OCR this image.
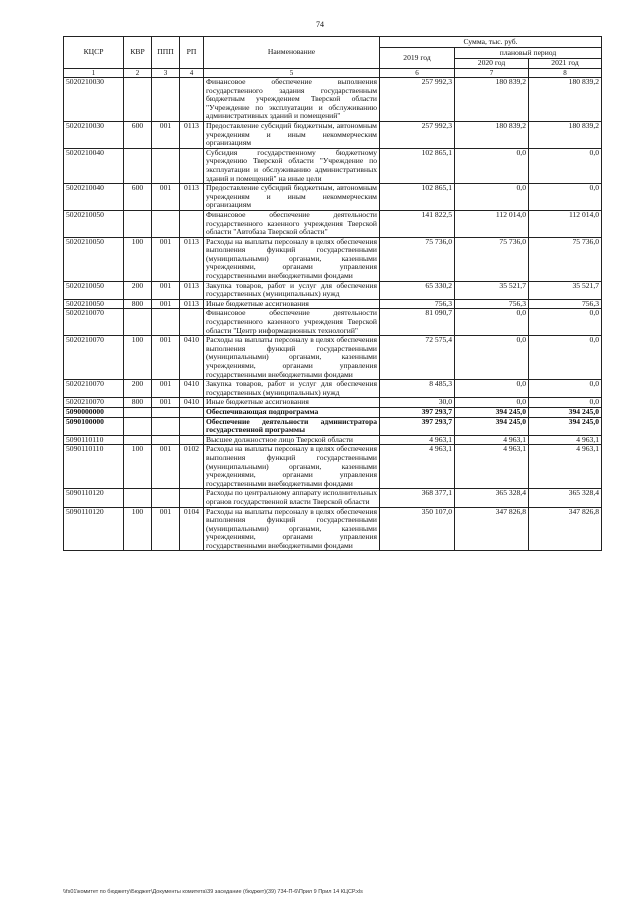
74
КЦСР	КВР	ППП	РП	Наименование	Сумма, тыс. руб.		
					2019 год	плановый период	
						2020 год	2021 год
1	2	3	4	5	6	7	8
5020210030				Финансовое обеспечение выполнения государственного задания государственным бюджетным учреждением Тверской области "Учреждение по эксплуатации и обслуживанию административных зданий и помещений"	257 992,3	180 839,2	180 839,2
5020210030	600	001	0113	Предоставление субсидий бюджетным, автономным учреждениям и иным некоммерческим организациям	257 992,3	180 839,2	180 839,2
5020210040				Субсидия государственному бюджетному учреждению Тверской области "Учреждение по эксплуатации и обслуживанию административных зданий и помещений" на иные цели	102 865,1	0,0	0,0
5020210040	600	001	0113	Предоставление субсидий бюджетным, автономным учреждениям и иным некоммерческим организациям	102 865,1	0,0	0,0
5020210050				Финансовое обеспечение деятельности государственного казенного учреждения Тверской области "Автобаза Тверской области"	141 822,5	112 014,0	112 014,0
5020210050	100	001	0113	Расходы на выплаты персоналу в целях обеспечения выполнения функций государственными (муниципальными) органами, казенными учреждениями, органами управления государственными внебюджетными фондами	75 736,0	75 736,0	75 736,0
5020210050	200	001	0113	Закупка товаров, работ и услуг для обеспечения государственных (муниципальных) нужд	65 330,2	35 521,7	35 521,7
5020210050	800	001	0113	Иные бюджетные ассигнования	756,3	756,3	756,3
5020210070				Финансовое обеспечение деятельности государственного казенного учреждения Тверской области "Центр информационных технологий"	81 090,7	0,0	0,0
5020210070	100	001	0410	Расходы на выплаты персоналу в целях обеспечения выполнения функций государственными (муниципальными) органами, казенными учреждениями, органами управления государственными внебюджетными фондами	72 575,4	0,0	0,0
5020210070	200	001	0410	Закупка товаров, работ и услуг для обеспечения государственных (муниципальных) нужд	8 485,3	0,0	0,0
5020210070	800	001	0410	Иные бюджетные ассигнования	30,0	0,0	0,0
5090000000				Обеспечивающая подпрограмма	397 293,7	394 245,0	394 245,0
5090100000				Обеспечение деятельности администратора государственной программы	397 293,7	394 245,0	394 245,0
5090110110				Высшее должностное лицо Тверской области	4 963,1	4 963,1	4 963,1
5090110110	100	001	0102	Расходы на выплаты персоналу в целях обеспечения выполнения функций государственными (муниципальными) органами, казенными учреждениями, органами управления государственными внебюджетными фондами	4 963,1	4 963,1	4 963,1
5090110120				Расходы по центральному аппарату исполнительных органов государственной власти Тверской области	368 377,1	365 328,4	365 328,4
5090110120	100	001	0104	Расходы на выплаты персоналу в целях обеспечения выполнения функций государственными (муниципальными) органами, казенными учреждениями, органами управления государственными внебюджетными фондами	350 107,0	347 826,8	347 826,8
\\fs01\комитет по бюджету\Бюджет\Документы комитета\39 заседание (бюджет)(39) 734-П-6\Прил 9 Прил 14 КЦСР.xls
